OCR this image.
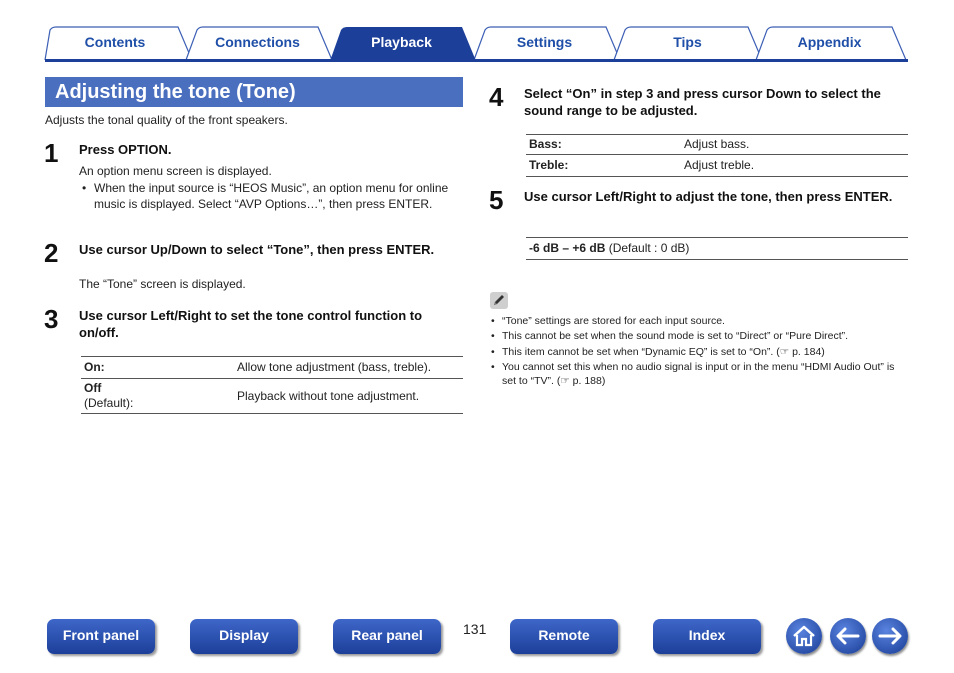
Contents	Connections	Playback	Settings	Tips	Appendix
Adjusting the tone (Tone)
Adjusts the tonal quality of the front speakers.
1 Press OPTION.
An option menu screen is displayed.
• When the input source is “HEOS Music”, an option menu for online music is displayed. Select “AVP Options…”, then press ENTER.
2 Use cursor Up/Down to select “Tone”, then press ENTER.
The “Tone” screen is displayed.
3 Use cursor Left/Right to set the tone control function to on/off.
On:	Allow tone adjustment (bass, treble).
Off
(Default):	Playback without tone adjustment.
4 Select “On” in step 3 and press cursor Down to select the sound range to be adjusted.
Bass:	Adjust bass.
Treble:	Adjust treble.
5 Use cursor Left/Right to adjust the tone, then press ENTER.
-6 dB – +6 dB (Default : 0 dB)
• “Tone” settings are stored for each input source.
• This cannot be set when the sound mode is set to “Direct” or “Pure Direct”.
• This item cannot be set when “Dynamic EQ” is set to “On”. (☞ p. 184)
• You cannot set this when no audio signal is input or in the menu “HDMI Audio Out” is set to “TV”. (☞ p. 188)
Front panel	Display	Rear panel	131	Remote	Index
